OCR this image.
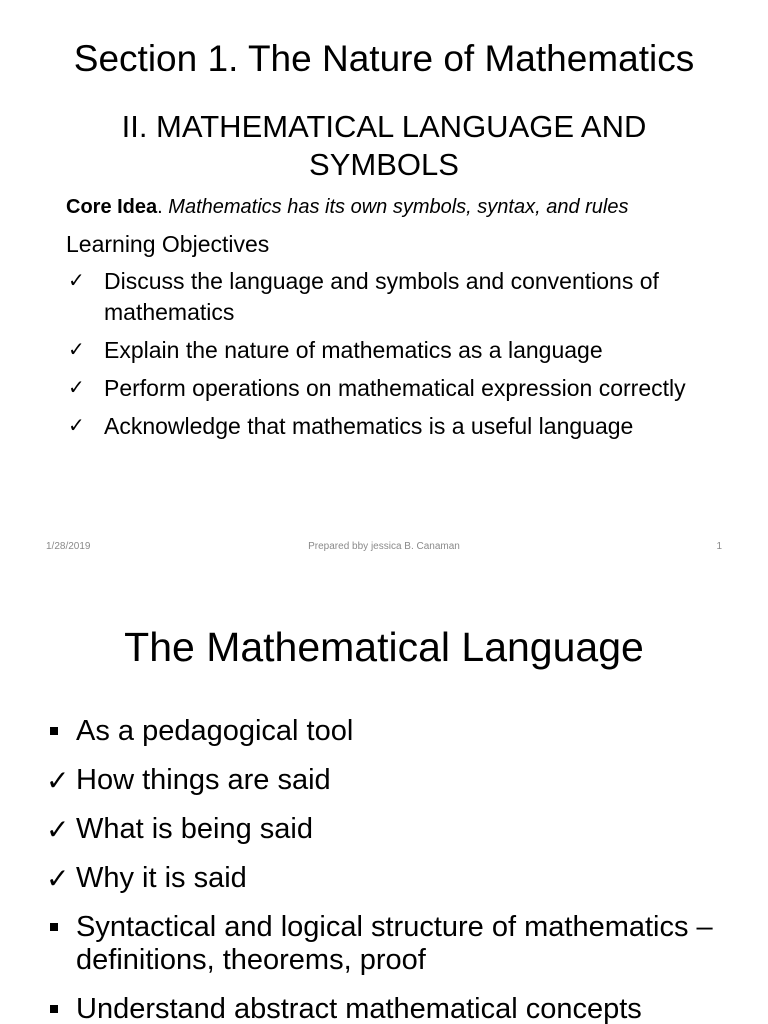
Section 1. The Nature of Mathematics
II. MATHEMATICAL LANGUAGE AND SYMBOLS
Core Idea. Mathematics has its own symbols, syntax, and rules
Learning Objectives
✓ Discuss the language and symbols and conventions of mathematics
✓ Explain the nature of mathematics as a language
✓ Perform operations on mathematical expression correctly
✓ Acknowledge that mathematics is a useful language
1/28/2019	Prepared bby jessica B. Canaman	1
The Mathematical Language
As a pedagogical tool
✓ How things are said
✓ What is being said
✓ Why it is said
Syntactical and logical structure of mathematics – definitions, theorems, proof
Understand abstract mathematical concepts
